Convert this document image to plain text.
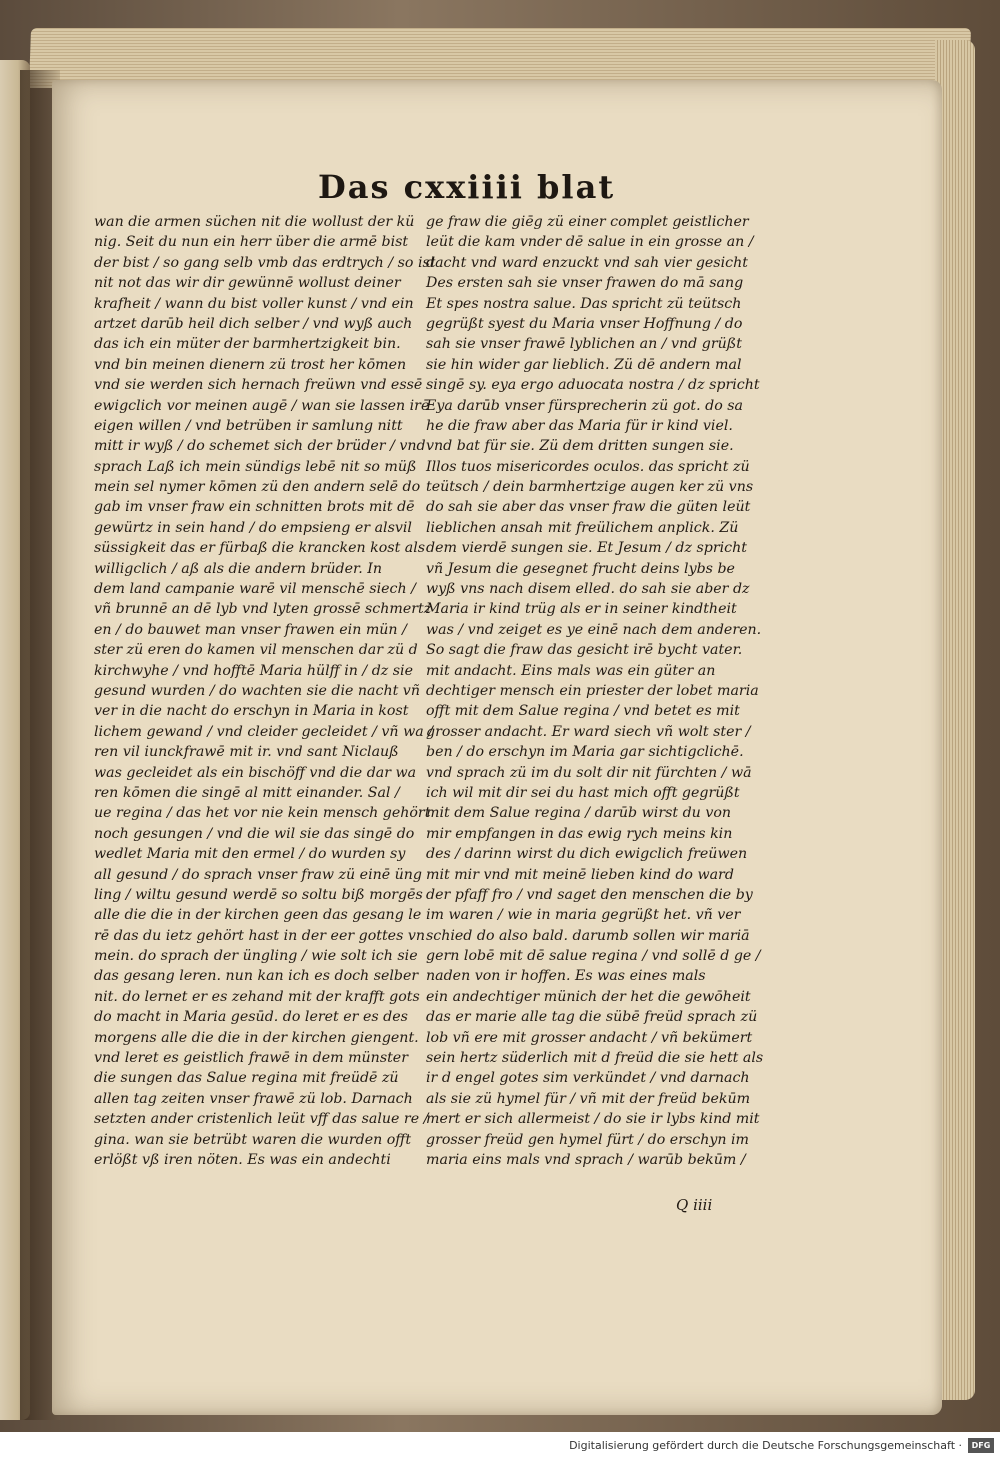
Das cxxiiii blat
wan die armen süchen nit die wollust der kü
nig. Seit du nun ein herr über die armē bist
der bist / so gang selb vmb das erdtrych / so ist
nit not das wir dir gewünnē wollust deiner
krafheit / wann du bist voller kunst / vnd ein
artzet darūb heil dich selber / vnd wyß auch
das ich ein müter der barmhertzigkeit bin.
vnd bin meinen dienern zü trost her kōmen
vnd sie werden sich hernach freüwn vnd essē
ewigclich vor meinen augē / wan sie lassen irē
eigen willen / vnd betrüben ir samlung nitt
mitt ir wyß / do schemet sich der brüder / vnd
sprach Laß ich mein sündigs lebē nit so müß
mein sel nymer kōmen zü den andern selē do
gab im vnser fraw ein schnitten brots mit dē
gewürtz in sein hand / do empsieng er alsvil
süssigkeit das er fürbaß die krancken kost als
willigclich / aß als die andern brüder. In
dem land campanie warē vil menschē siech /
vñ brunnē an dē lyb vnd lyten grossē schmertz
en / do bauwet man vnser frawen ein mün /
ster zü eren do kamen vil menschen dar zü d
kirchwyhe / vnd hofftē Maria hülff in / dz sie
gesund wurden / do wachten sie die nacht vñ
ver in die nacht do erschyn in Maria in kost
lichem gewand / vnd cleider gecleidet / vñ wa /
ren vil iunckfrawē mit ir. vnd sant Niclauß
was gecleidet als ein bischöff vnd die dar wa
ren kōmen die singē al mitt einander. Sal /
ue regina / das het vor nie kein mensch gehört
noch gesungen / vnd die wil sie das singē do
wedlet Maria mit den ermel / do wurden sy
all gesund / do sprach vnser fraw zü einē üng
ling / wiltu gesund werdē so soltu biß morgēs
alle die die in der kirchen geen das gesang le
rē das du ietz gehört hast in der eer gottes vn
mein. do sprach der üngling / wie solt ich sie
das gesang leren. nun kan ich es doch selber
nit. do lernet er es zehand mit der krafft gots
do macht in Maria gesūd. do leret er es des
morgens alle die die in der kirchen giengent.
vnd leret es geistlich frawē in dem münster
die sungen das Salue regina mit freüdē zü
allen tag zeiten vnser frawē zü lob. Darnach
setzten ander cristenlich leüt vff das salue re /
gina. wan sie betrübt waren die wurden offt
erlößt vß iren nöten. Es was ein andechti
ge fraw die giēg zü einer complet geistlicher
leüt die kam vnder dē salue in ein grosse an /
dacht vnd ward enzuckt vnd sah vier gesicht
Des ersten sah sie vnser frawen do mā sang
Et spes nostra salue. Das spricht zü teütsch
gegrüßt syest du Maria vnser Hoffnung / do
sah sie vnser frawē lyblichen an / vnd grüßt
sie hin wider gar lieblich. Zü dē andern mal
singē sy. eya ergo aduocata nostra / dz spricht
Eya darūb vnser fürsprecherin zü got. do sa
he die fraw aber das Maria für ir kind viel.
vnd bat für sie. Zü dem dritten sungen sie.
Illos tuos misericordes oculos. das spricht zü
teütsch / dein barmhertzige augen ker zü vns
do sah sie aber das vnser fraw die güten leüt
lieblichen ansah mit freülichem anplick. Zü
dem vierdē sungen sie. Et Jesum / dz spricht
vñ Jesum die gesegnet frucht deins lybs be
wyß vns nach disem elled. do sah sie aber dz
Maria ir kind trüg als er in seiner kindtheit
was / vnd zeiget es ye einē nach dem anderen.
So sagt die fraw das gesicht irē bycht vater.
mit andacht. Eins mals was ein güter an
dechtiger mensch ein priester der lobet maria
offt mit dem Salue regina / vnd betet es mit
grosser andacht. Er ward siech vñ wolt ster /
ben / do erschyn im Maria gar sichtigclichē.
vnd sprach zü im du solt dir nit fürchten / wā
ich wil mit dir sei du hast mich offt gegrüßt
mit dem Salue regina / darūb wirst du von
mir empfangen in das ewig rych meins kin
des / darinn wirst du dich ewigclich freüwen
mit mir vnd mit meinē lieben kind do ward
der pfaff fro / vnd saget den menschen die by
im waren / wie in maria gegrüßt het. vñ ver
schied do also bald. darumb sollen wir mariā
gern lobē mit dē salue regina / vnd sollē d ge /
naden von ir hoffen. Es was eines mals
ein andechtiger münich der het die gewōheit
das er marie alle tag die sübē freüd sprach zü
lob vñ ere mit grosser andacht / vñ bekümert
sein hertz süderlich mit d freüd die sie hett als
ir d engel gotes sim verkündet / vnd darnach
als sie zü hymel für / vñ mit der freüd bekūm
mert er sich allermeist / do sie ir lybs kind mit
grosser freüd gen hymel fürt / do erschyn im
maria eins mals vnd sprach / warūb bekūm /
Q iiii
Digitalisierung gefördert durch die Deutsche Forschungsgemeinschaft ·	DFG
